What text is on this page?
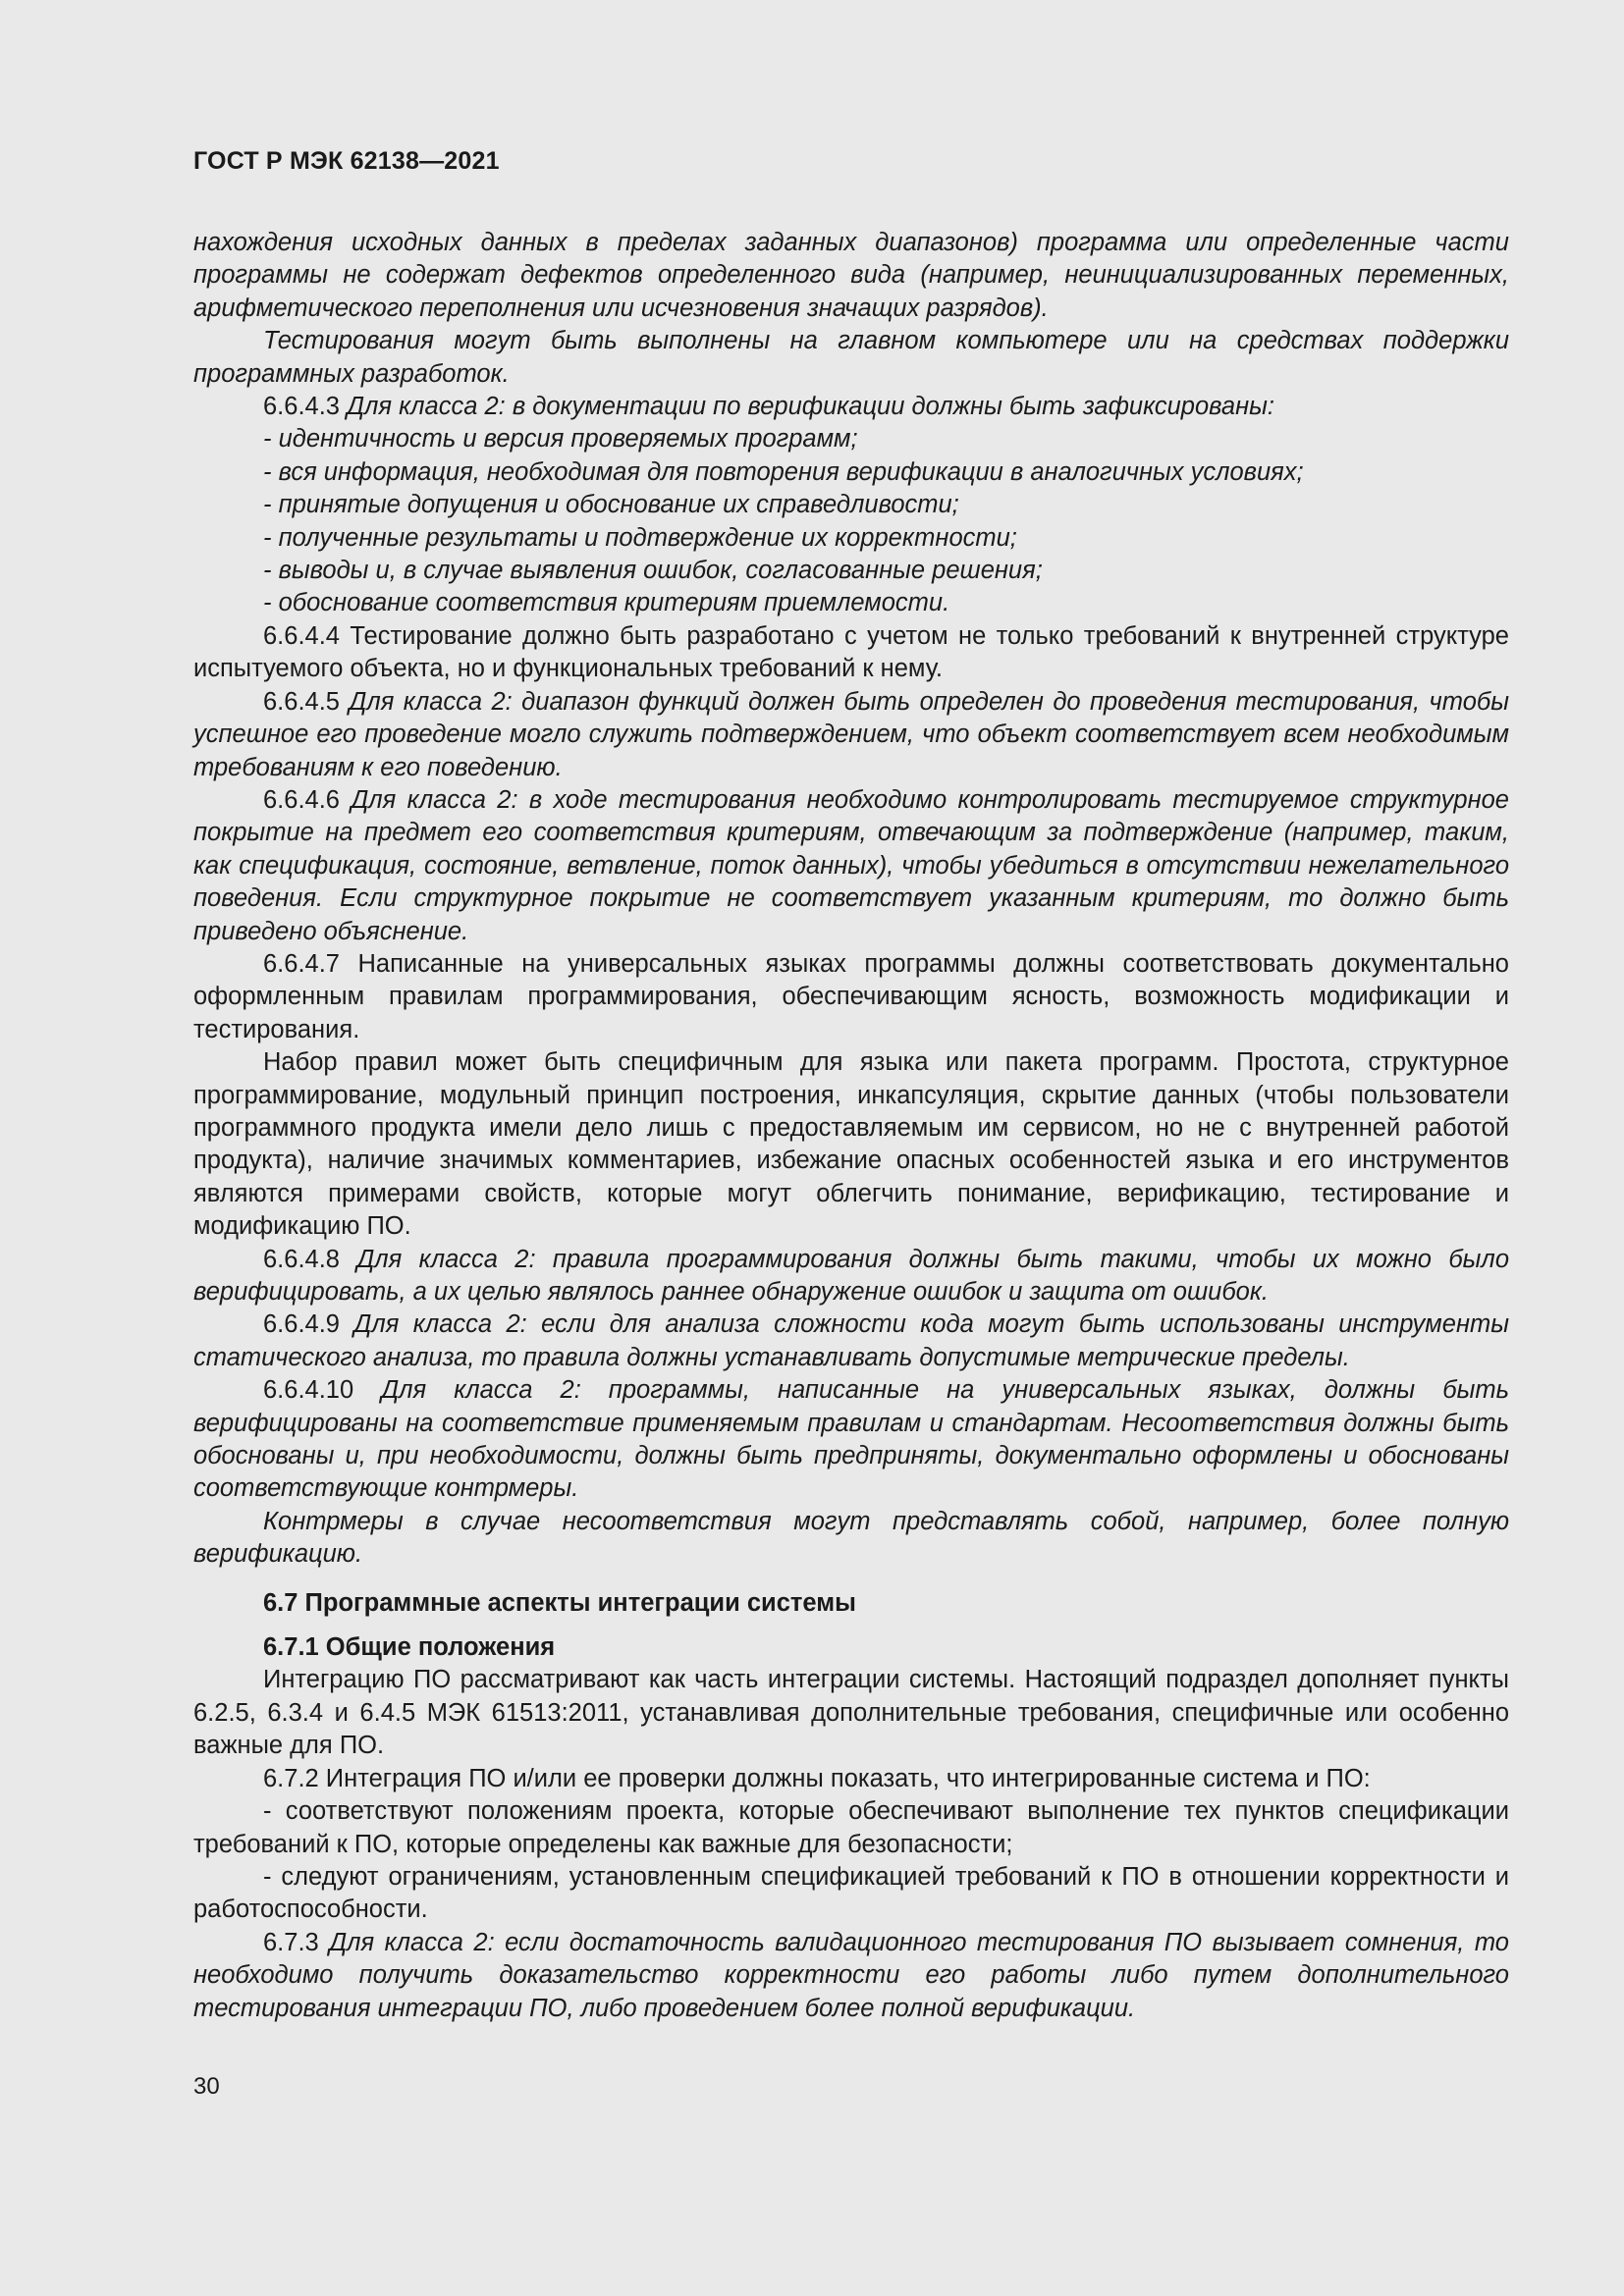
ГОСТ Р МЭК 62138—2021

нахождения исходных данных в пределах заданных диапазонов) программа или определенные части программы не содержат дефектов определенного вида (например, неинициализированных переменных, арифметического переполнения или исчезновения значащих разрядов).

Тестирования могут быть выполнены на главном компьютере или на средствах поддержки программных разработок.

6.6.4.3 Для класса 2: в документации по верификации должны быть зафиксированы:

- идентичность и версия проверяемых программ;

- вся информация, необходимая для повторения верификации в аналогичных условиях;

- принятые допущения и обоснование их справедливости;

- полученные результаты и подтверждение их корректности;

- выводы и, в случае выявления ошибок, согласованные решения;

- обоснование соответствия критериям приемлемости.

6.6.4.4 Тестирование должно быть разработано с учетом не только требований к внутренней структуре испытуемого объекта, но и функциональных требований к нему.

6.6.4.5 Для класса 2: диапазон функций должен быть определен до проведения тестирования, чтобы успешное его проведение могло служить подтверждением, что объект соответствует всем необходимым требованиям к его поведению.

6.6.4.6 Для класса 2: в ходе тестирования необходимо контролировать тестируемое структурное покрытие на предмет его соответствия критериям, отвечающим за подтверждение (например, таким, как спецификация, состояние, ветвление, поток данных), чтобы убедиться в отсутствии нежелательного поведения. Если структурное покрытие не соответствует указанным критериям, то должно быть приведено объяснение.

6.6.4.7 Написанные на универсальных языках программы должны соответствовать документально оформленным правилам программирования, обеспечивающим ясность, возможность модификации и тестирования.

Набор правил может быть специфичным для языка или пакета программ. Простота, структурное программирование, модульный принцип построения, инкапсуляция, скрытие данных (чтобы пользователи программного продукта имели дело лишь с предоставляемым им сервисом, но не с внутренней работой продукта), наличие значимых комментариев, избежание опасных особенностей языка и его инструментов являются примерами свойств, которые могут облегчить понимание, верификацию, тестирование и модификацию ПО.

6.6.4.8 Для класса 2: правила программирования должны быть такими, чтобы их можно было верифицировать, а их целью являлось раннее обнаружение ошибок и защита от ошибок.

6.6.4.9 Для класса 2: если для анализа сложности кода могут быть использованы инструменты статического анализа, то правила должны устанавливать допустимые метрические пределы.

6.6.4.10 Для класса 2: программы, написанные на универсальных языках, должны быть верифицированы на соответствие применяемым правилам и стандартам. Несоответствия должны быть обоснованы и, при необходимости, должны быть предприняты, документально оформлены и обоснованы соответствующие контрмеры.

Контрмеры в случае несоответствия могут представлять собой, например, более полную верификацию.

6.7 Программные аспекты интеграции системы

6.7.1 Общие положения

Интеграцию ПО рассматривают как часть интеграции системы. Настоящий подраздел дополняет пункты 6.2.5, 6.3.4 и 6.4.5 МЭК 61513:2011, устанавливая дополнительные требования, специфичные или особенно важные для ПО.

6.7.2 Интеграция ПО и/или ее проверки должны показать, что интегрированные система и ПО:

- соответствуют положениям проекта, которые обеспечивают выполнение тех пунктов спецификации требований к ПО, которые определены как важные для безопасности;

- следуют ограничениям, установленным спецификацией требований к ПО в отношении корректности и работоспособности.

6.7.3 Для класса 2: если достаточность валидационного тестирования ПО вызывает сомнения, то необходимо получить доказательство корректности его работы либо путем дополнительного тестирования интеграции ПО, либо проведением более полной верификации.

30
